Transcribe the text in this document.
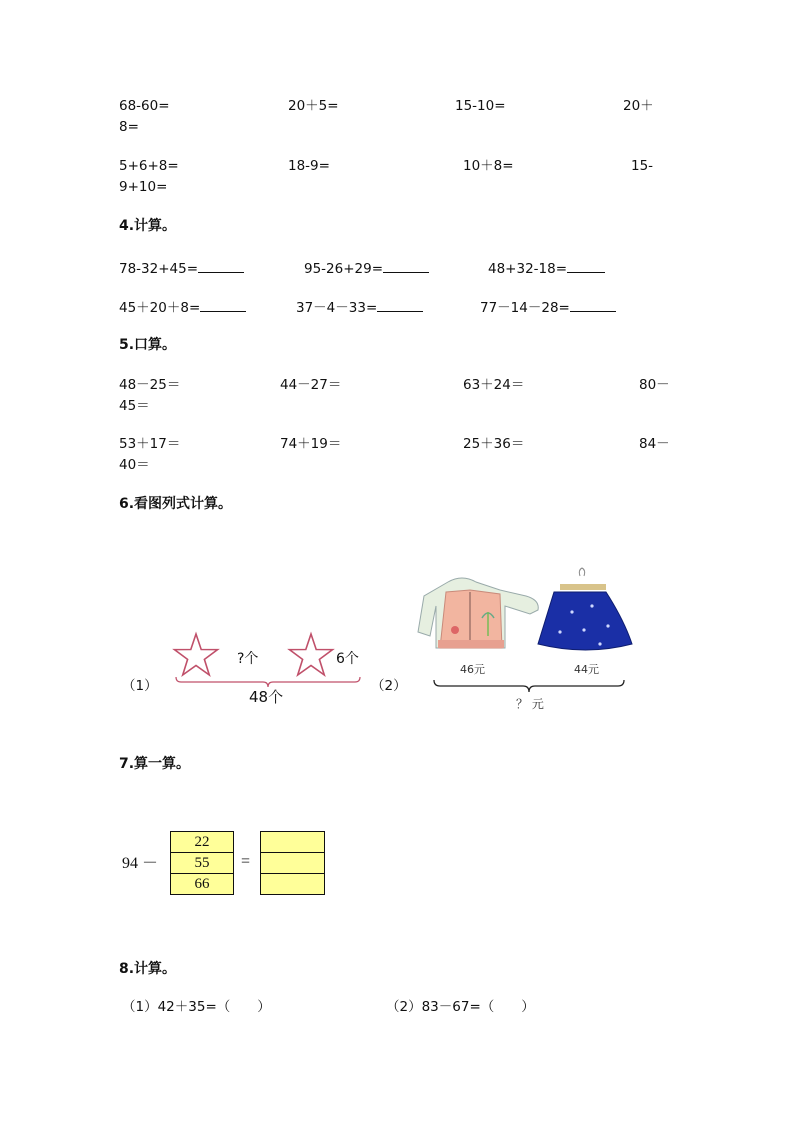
68-60=	20＋5=	15-10=	20＋
8=
5+6+8=	18-9=	10＋8=	15-
9+10=
4.计算。
78-32+45=	95-26+29=	48+32-18=
45＋20＋8=	37－4－33=	77－14－28=
5.口算。
48－25＝	44－27＝	63＋24＝	80－
45＝
53＋17＝	74＋19＝	25＋36＝	84－
40＝
6.看图列式计算。
?个	6个
（1）
48个
（2）
46元	44元
？ 元
7.算一算。
94 －
22
55
66
=
8.计算。
（1）42＋35=（　　）	（2）83－67=（　　）
